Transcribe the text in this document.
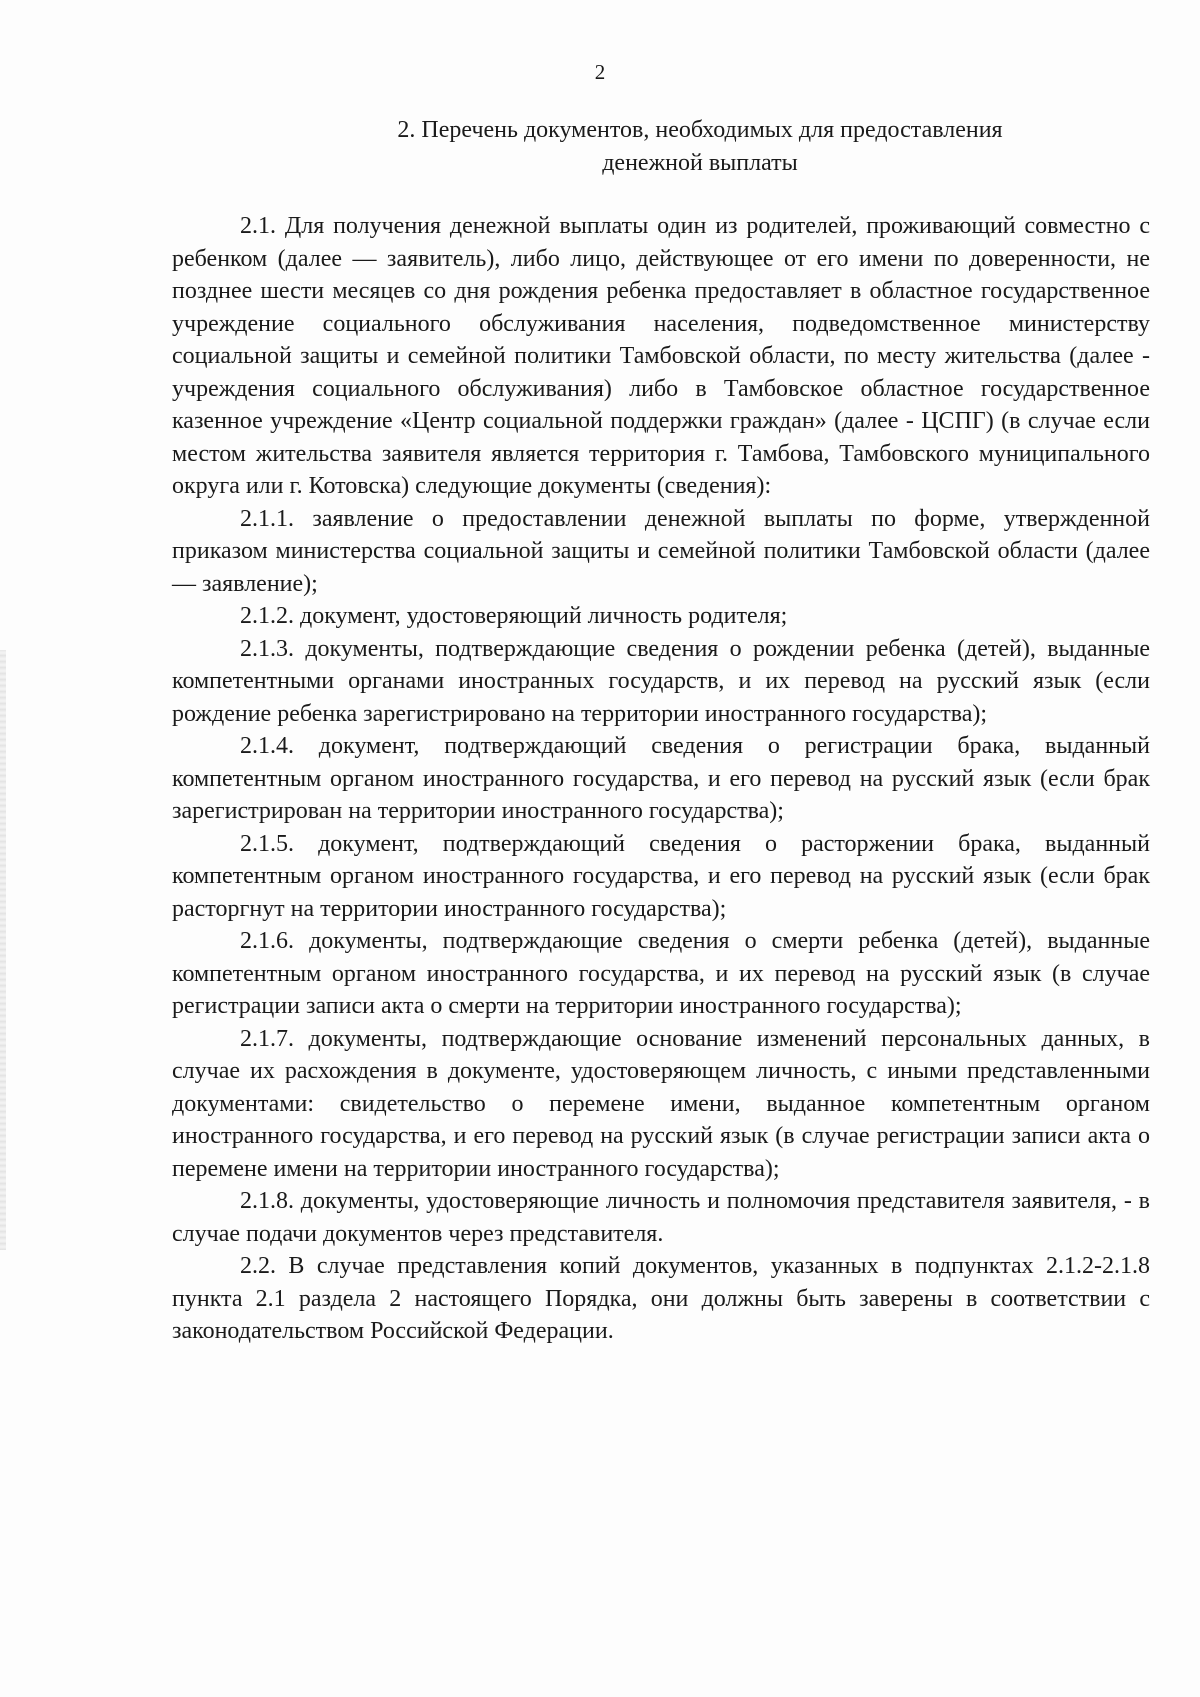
2
2. Перечень документов, необходимых для предоставления
денежной выплаты

2.1. Для получения денежной выплаты один из родителей, проживающий совместно с ребенком (далее — заявитель), либо лицо, действующее от его имени по доверенности, не позднее шести месяцев со дня рождения ребенка предоставляет в областное государственное учреждение социального обслуживания населения, подведомственное министерству социальной защиты и семейной политики Тамбовской области, по месту жительства (далее - учреждения социального обслуживания) либо в Тамбовское областное государственное казенное учреждение «Центр социальной поддержки граждан» (далее - ЦСПГ) (в случае если местом жительства заявителя является территория г. Тамбова, Тамбовского муниципального округа или г. Котовска) следующие документы (сведения):

2.1.1. заявление о предоставлении денежной выплаты по форме, утвержденной приказом министерства социальной защиты и семейной политики Тамбовской области (далее — заявление);

2.1.2. документ, удостоверяющий личность родителя;

2.1.3. документы, подтверждающие сведения о рождении ребенка (детей), выданные компетентными органами иностранных государств, и их перевод на русский язык (если рождение ребенка зарегистрировано на территории иностранного государства);

2.1.4. документ, подтверждающий сведения о регистрации брака, выданный компетентным органом иностранного государства, и его перевод на русский язык (если брак зарегистрирован на территории иностранного государства);

2.1.5. документ, подтверждающий сведения о расторжении брака, выданный компетентным органом иностранного государства, и его перевод на русский язык (если брак расторгнут на территории иностранного государства);

2.1.6. документы, подтверждающие сведения о смерти ребенка (детей), выданные компетентным органом иностранного государства, и их перевод на русский язык (в случае регистрации записи акта о смерти на территории иностранного государства);

2.1.7. документы, подтверждающие основание изменений персональных данных, в случае их расхождения в документе, удостоверяющем личность, с иными представленными документами: свидетельство о перемене имени, выданное компетентным органом иностранного государства, и его перевод на русский язык (в случае регистрации записи акта о перемене имени на территории иностранного государства);

2.1.8. документы, удостоверяющие личность и полномочия представителя заявителя, - в случае подачи документов через представителя.

2.2. В случае представления копий документов, указанных в подпунктах 2.1.2-2.1.8 пункта 2.1 раздела 2 настоящего Порядка, они должны быть заверены в соответствии с законодательством Российской Федерации.
